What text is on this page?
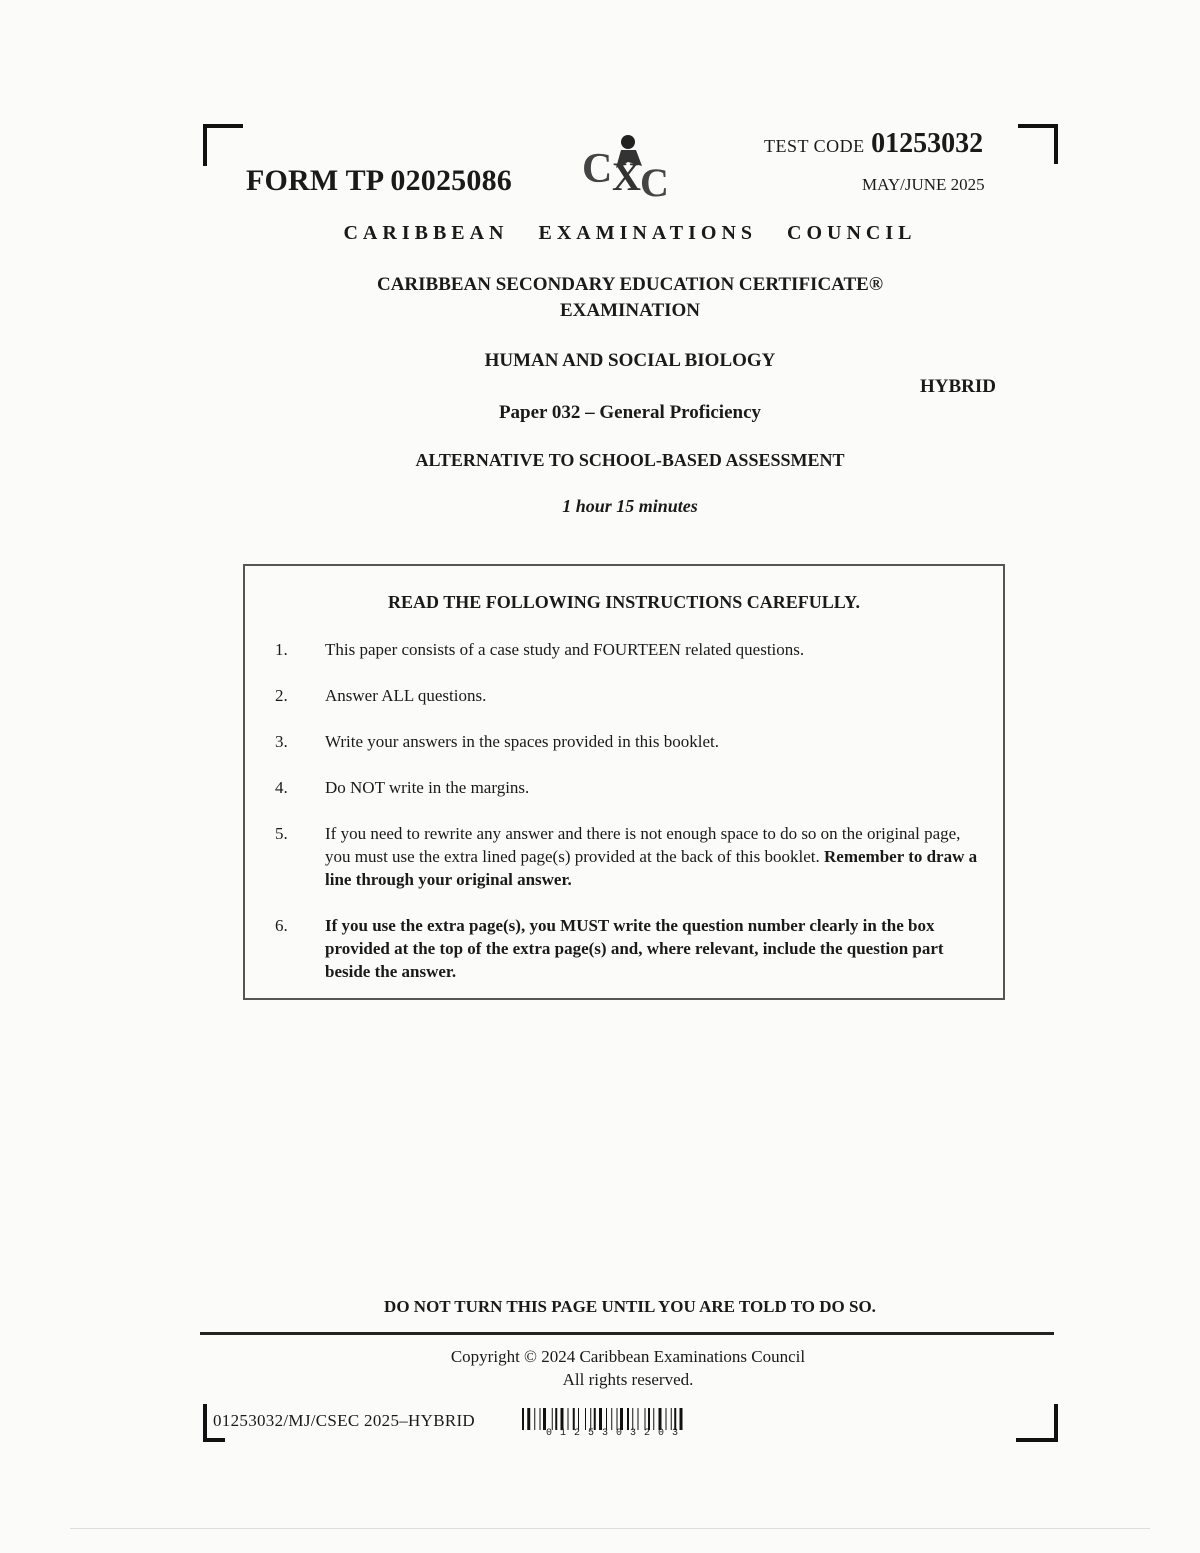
FORM TP 02025086 C X C
TEST CODE 01253032
MAY/JUNE 2025
CARIBBEAN EXAMINATIONS COUNCIL
CARIBBEAN SECONDARY EDUCATION CERTIFICATE®
EXAMINATION
HUMAN AND SOCIAL BIOLOGY
HYBRID
Paper 032 – General Proficiency
ALTERNATIVE TO SCHOOL-BASED ASSESSMENT
1 hour 15 minutes
READ THE FOLLOWING INSTRUCTIONS CAREFULLY.
1.	This paper consists of a case study and FOURTEEN related questions.
2.	Answer ALL questions.
3.	Write your answers in the spaces provided in this booklet.
4.	Do NOT write in the margins.
5.	If you need to rewrite any answer and there is not enough space to do so on the original page, you must use the extra lined page(s) provided at the back of this booklet. Remember to draw a line through your original answer.
6.	If you use the extra page(s), you MUST write the question number clearly in the box provided at the top of the extra page(s) and, where relevant, include the question part beside the answer.
DO NOT TURN THIS PAGE UNTIL YOU ARE TOLD TO DO SO.
Copyright © 2024 Caribbean Examinations Council
All rights reserved.
01253032/MJ/CSEC 2025–HYBRID
0125303203
